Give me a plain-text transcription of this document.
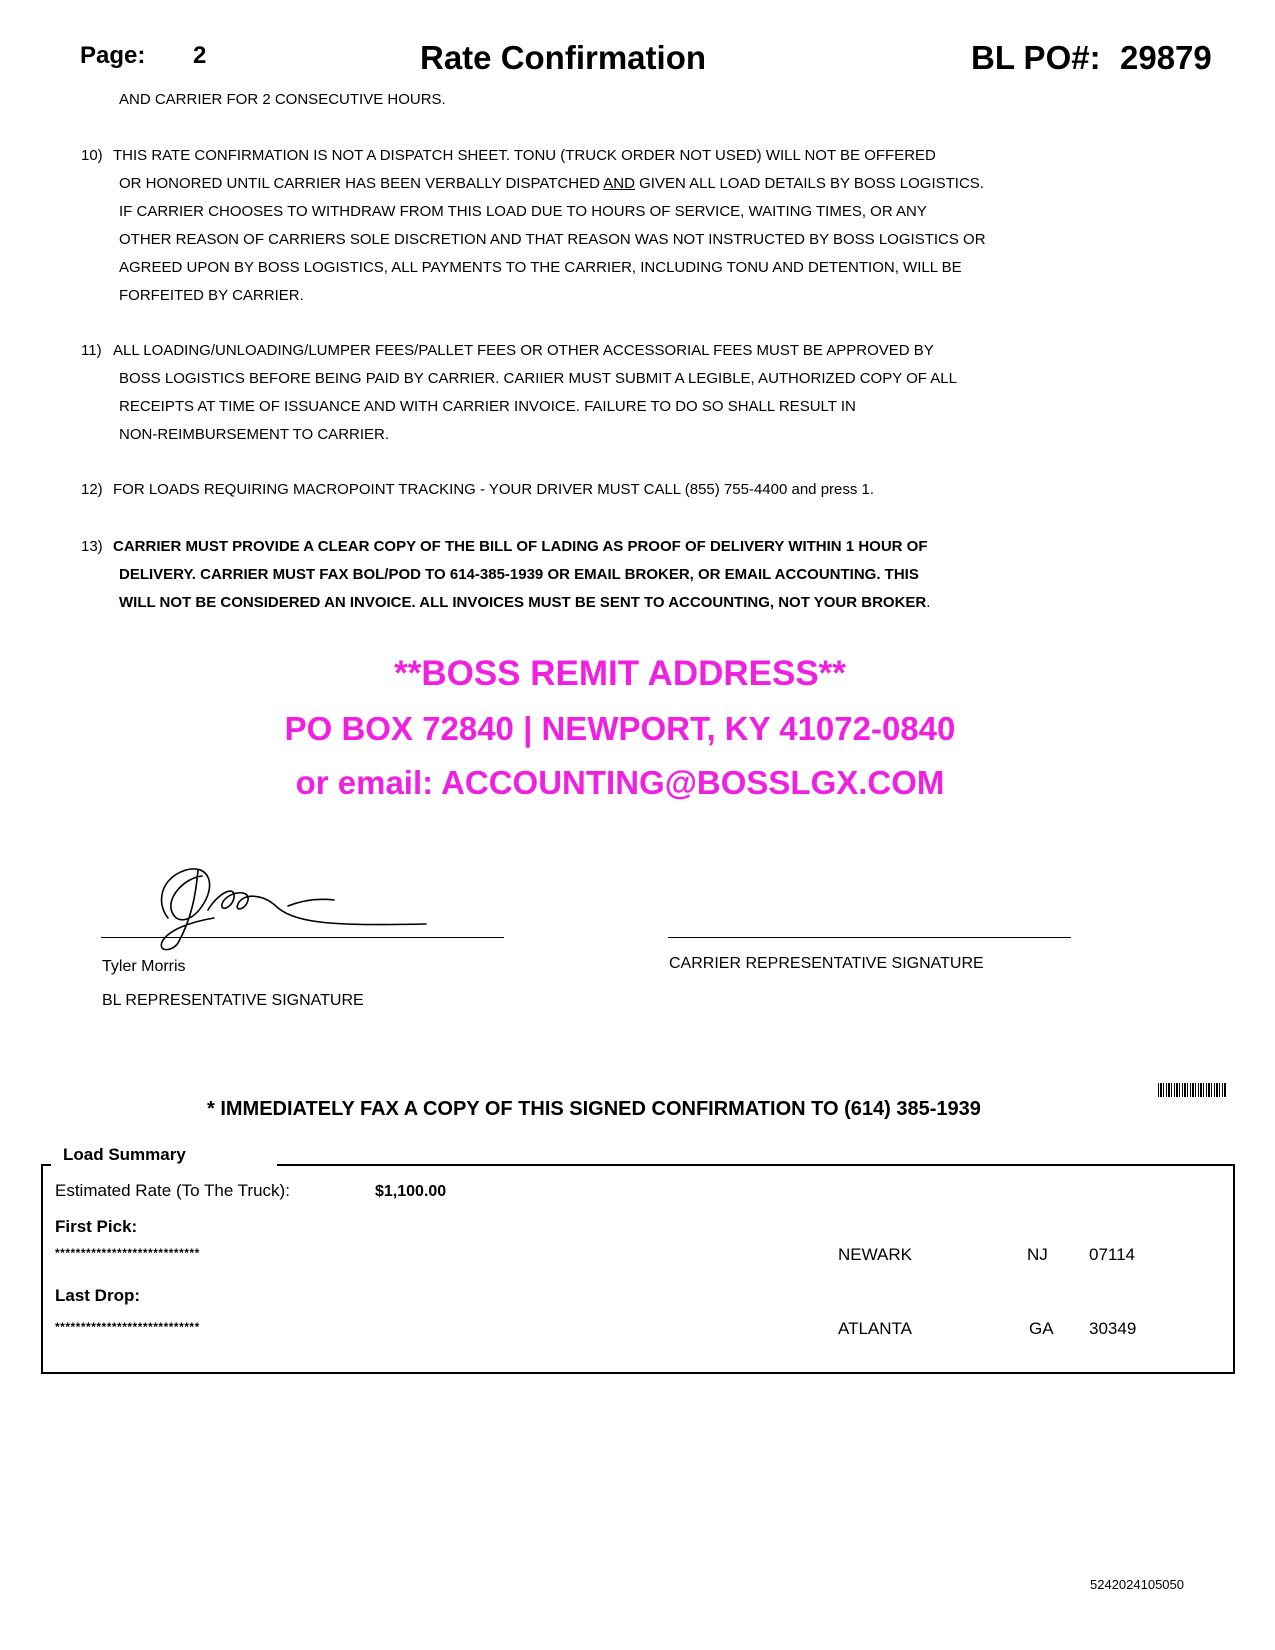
Page: 2	Rate Confirmation	BL PO#: 29879
AND CARRIER FOR 2 CONSECUTIVE HOURS.
10) THIS RATE CONFIRMATION IS NOT A DISPATCH SHEET. TONU (TRUCK ORDER NOT USED) WILL NOT BE OFFERED
OR HONORED UNTIL CARRIER HAS BEEN VERBALLY DISPATCHED AND GIVEN ALL LOAD DETAILS BY BOSS LOGISTICS.
IF CARRIER CHOOSES TO WITHDRAW FROM THIS LOAD DUE TO HOURS OF SERVICE, WAITING TIMES, OR ANY
OTHER REASON OF CARRIERS SOLE DISCRETION AND THAT REASON WAS NOT INSTRUCTED BY BOSS LOGISTICS OR
AGREED UPON BY BOSS LOGISTICS, ALL PAYMENTS TO THE CARRIER, INCLUDING TONU AND DETENTION, WILL BE
FORFEITED BY CARRIER.
11) ALL LOADING/UNLOADING/LUMPER FEES/PALLET FEES OR OTHER ACCESSORIAL FEES MUST BE APPROVED BY
BOSS LOGISTICS BEFORE BEING PAID BY CARRIER. CARIIER MUST SUBMIT A LEGIBLE, AUTHORIZED COPY OF ALL
RECEIPTS AT TIME OF ISSUANCE AND WITH CARRIER INVOICE. FAILURE TO DO SO SHALL RESULT IN
NON-REIMBURSEMENT TO CARRIER.
12) FOR LOADS REQUIRING MACROPOINT TRACKING - YOUR DRIVER MUST CALL (855) 755-4400 and press 1.
13) CARRIER MUST PROVIDE A CLEAR COPY OF THE BILL OF LADING AS PROOF OF DELIVERY WITHIN 1 HOUR OF
DELIVERY. CARRIER MUST FAX BOL/POD TO 614-385-1939 OR EMAIL BROKER, OR EMAIL ACCOUNTING. THIS
WILL NOT BE CONSIDERED AN INVOICE. ALL INVOICES MUST BE SENT TO ACCOUNTING, NOT YOUR BROKER.
**BOSS REMIT ADDRESS**
PO BOX 72840 | NEWPORT, KY 41072-0840
or email: ACCOUNTING@BOSSLGX.COM
Tyler Morris
BL REPRESENTATIVE SIGNATURE
CARRIER REPRESENTATIVE SIGNATURE
* IMMEDIATELY FAX A COPY OF THIS SIGNED CONFIRMATION TO (614) 385-1939
Load Summary
Estimated Rate (To The Truck):	$1,100.00
First Pick:
****************************	NEWARK	NJ 07114
Last Drop:
****************************	ATLANTA	GA 30349
5242024105050
